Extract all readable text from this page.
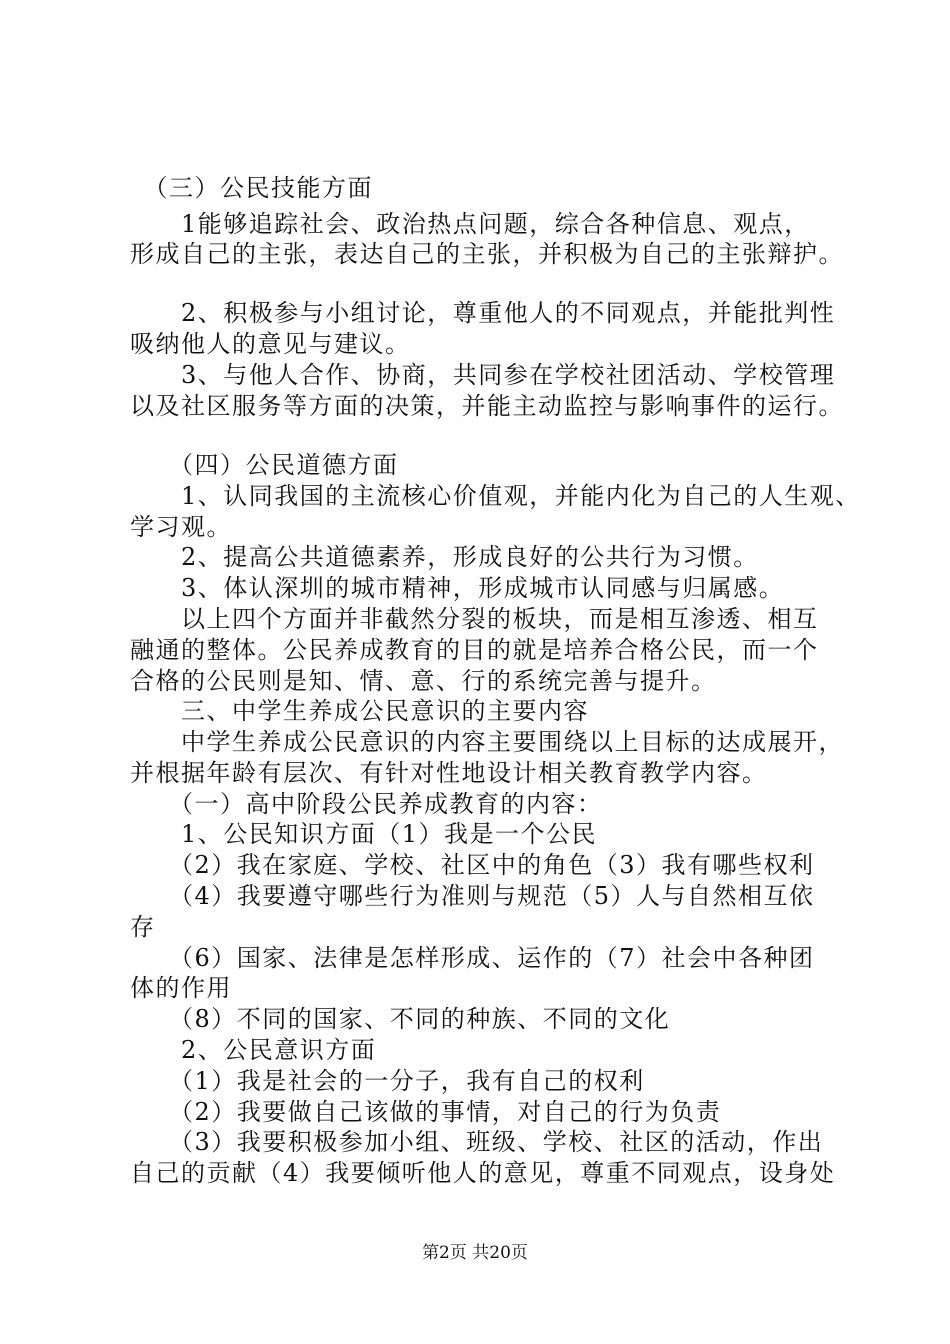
　（三）公民技能方面
　　1能够追踪社会、政治热点问题，综合各种信息、观点，
形成自己的主张，表达自己的主张，并积极为自己的主张辩护。
　　2、积极参与小组讨论，尊重他人的不同观点，并能批判性
吸纳他人的意见与建议。
　　3、与他人合作、协商，共同参在学校社团活动、学校管理
以及社区服务等方面的决策，并能主动监控与影响事件的运行。
　　（四）公民道德方面
　　1、认同我国的主流核心价值观，并能内化为自己的人生观、
学习观。
　　2、提高公共道德素养，形成良好的公共行为习惯。
　　3、体认深圳的城市精神，形成城市认同感与归属感。
　　以上四个方面并非截然分裂的板块，而是相互渗透、相互
融通的整体。公民养成教育的目的就是培养合格公民，而一个
合格的公民则是知、情、意、行的系统完善与提升。
　　三、中学生养成公民意识的主要内容
　　中学生养成公民意识的内容主要围绕以上目标的达成展开，
并根据年龄有层次、有针对性地设计相关教育教学内容。
　　（一）高中阶段公民养成教育的内容：
　　1、公民知识方面（1）我是一个公民
　　（2）我在家庭、学校、社区中的角色（3）我有哪些权利
　　（4）我要遵守哪些行为准则与规范（5）人与自然相互依
存
　　（6）国家、法律是怎样形成、运作的（7）社会中各种团
体的作用
　　（8）不同的国家、不同的种族、不同的文化
　　2、公民意识方面
　　（1）我是社会的一分子，我有自己的权利
　　（2）我要做自己该做的事情，对自己的行为负责
　　（3）我要积极参加小组、班级、学校、社区的活动，作出
自己的贡献（4）我要倾听他人的意见，尊重不同观点，设身处
第2页 共20页
